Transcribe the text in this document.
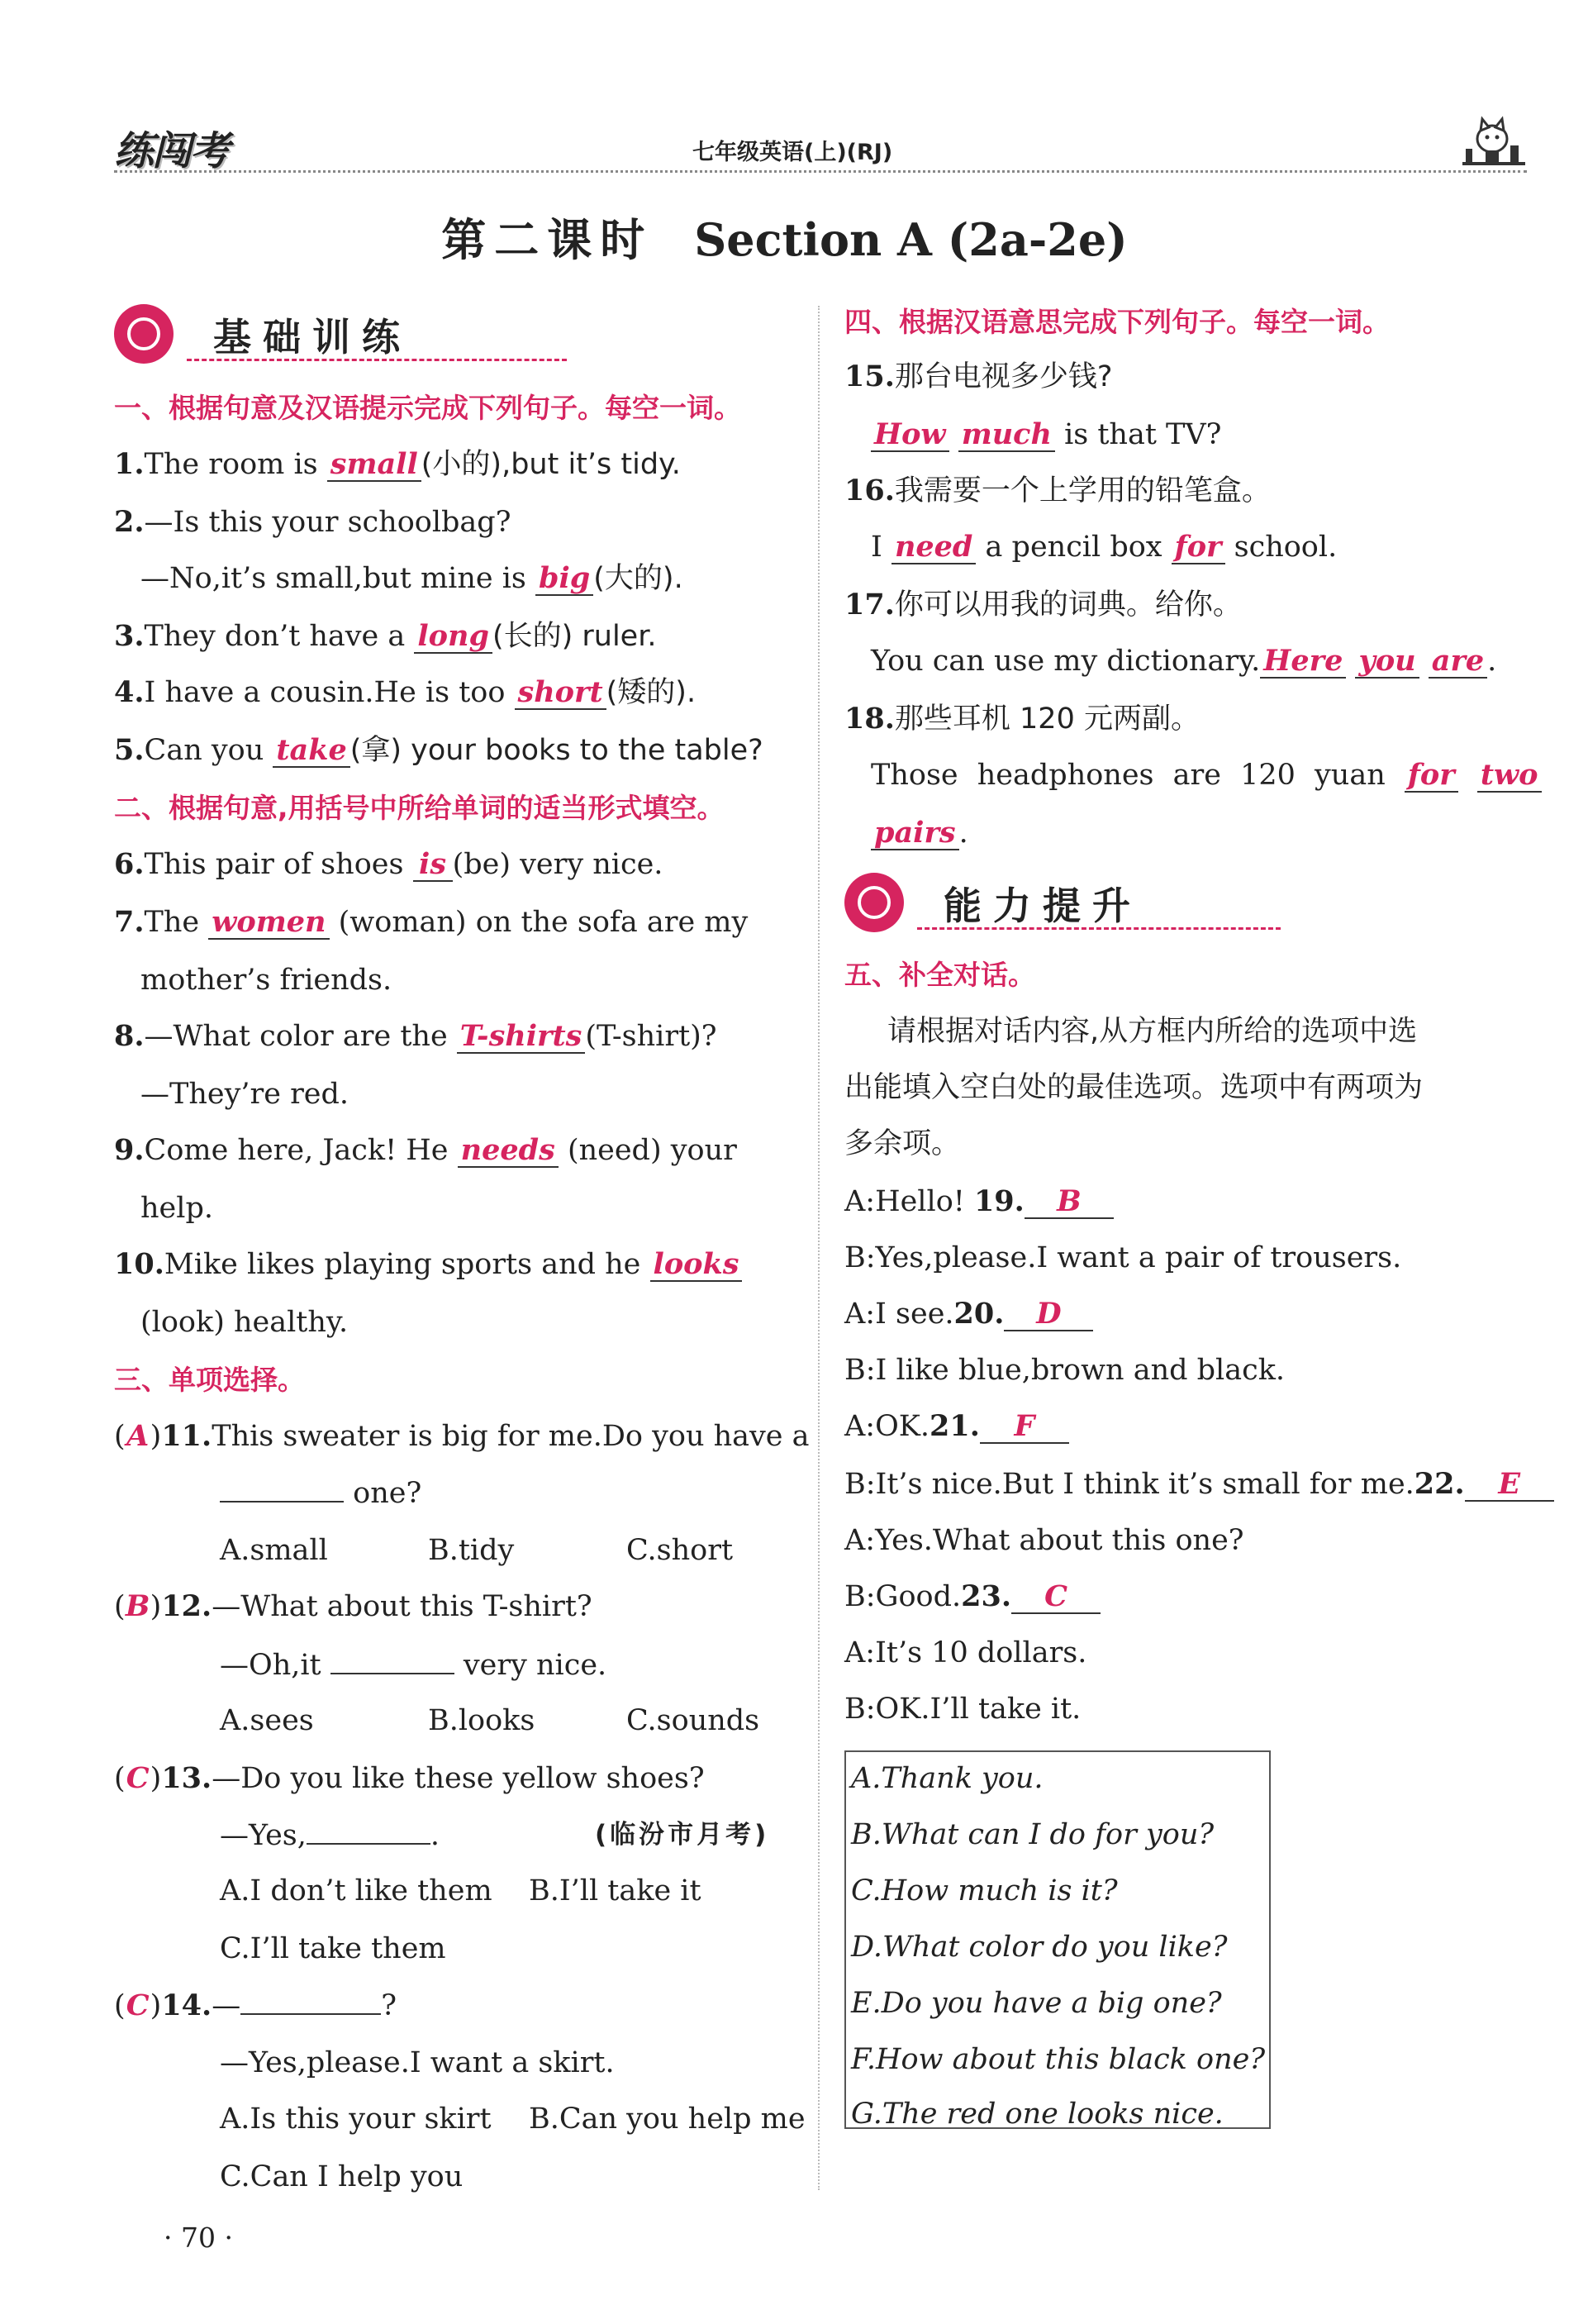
练闯考	七年级英语(上)(RJ)
第二课时 Section A (2a-2e)
基础训练
一、根据句意及汉语提示完成下列句子。每空一词。
1.The room is small (小的),but it’s tidy.
2.—Is this your schoolbag?
—No,it’s small,but mine is big (大的).
3.They don’t have a long (长的) ruler.
4.I have a cousin.He is too short (矮的).
5.Can you take (拿) your books to the table?
二、根据句意,用括号中所给单词的适当形式填空。
6.This pair of shoes is (be) very nice.
7.The women (woman) on the sofa are my
mother’s friends.
8.—What color are the T-shirts (T-shirt)?
—They’re red.
9.Come here, Jack! He needs (need) your
help.
10.Mike likes playing sports and he looks
(look) healthy.
三、单项选择。
(A)11.This sweater is big for me.Do you have a
one?
A.small	B.tidy	C.short
(B)12.—What about this T-shirt?
—Oh,it	very nice.
A.sees	B.looks	C.sounds
(C)13.—Do you like these yellow shoes?
—Yes,	.	(临汾市月考)
A.I don’t like them B.I’ll take it
C.I’ll take them
(C)14.—	?
—Yes,please.I want a skirt.
A.Is this your skirt B.Can you help me
C.Can I help you
四、根据汉语意思完成下列句子。每空一词。
15.那台电视多少钱?
How much is that TV?
16.我需要一个上学用的铅笔盒。
I need a pencil box for school.
17.你可以用我的词典。给你。
You can use my dictionary. Here you are .
18.那些耳机 120 元两副。
Those headphones are 120 yuan for two
pairs .
能力提升
五、补全对话。
请根据对话内容,从方框内所给的选项中选
出能填入空白处的最佳选项。选项中有两项为
多余项。
A:Hello! 19. B
B:Yes,please.I want a pair of trousers.
A:I see.20. D
B:I like blue,brown and black.
A:OK.21. F
B:It’s nice.But I think it’s small for me.22. E
A:Yes.What about this one?
B:Good.23. C
A:It’s 10 dollars.
B:OK.I’ll take it.
A.Thank you.
B.What can I do for you?
C.How much is it?
D.What color do you like?
E.Do you have a big one?
F.How about this black one?
G.The red one looks nice.
· 70 ·
